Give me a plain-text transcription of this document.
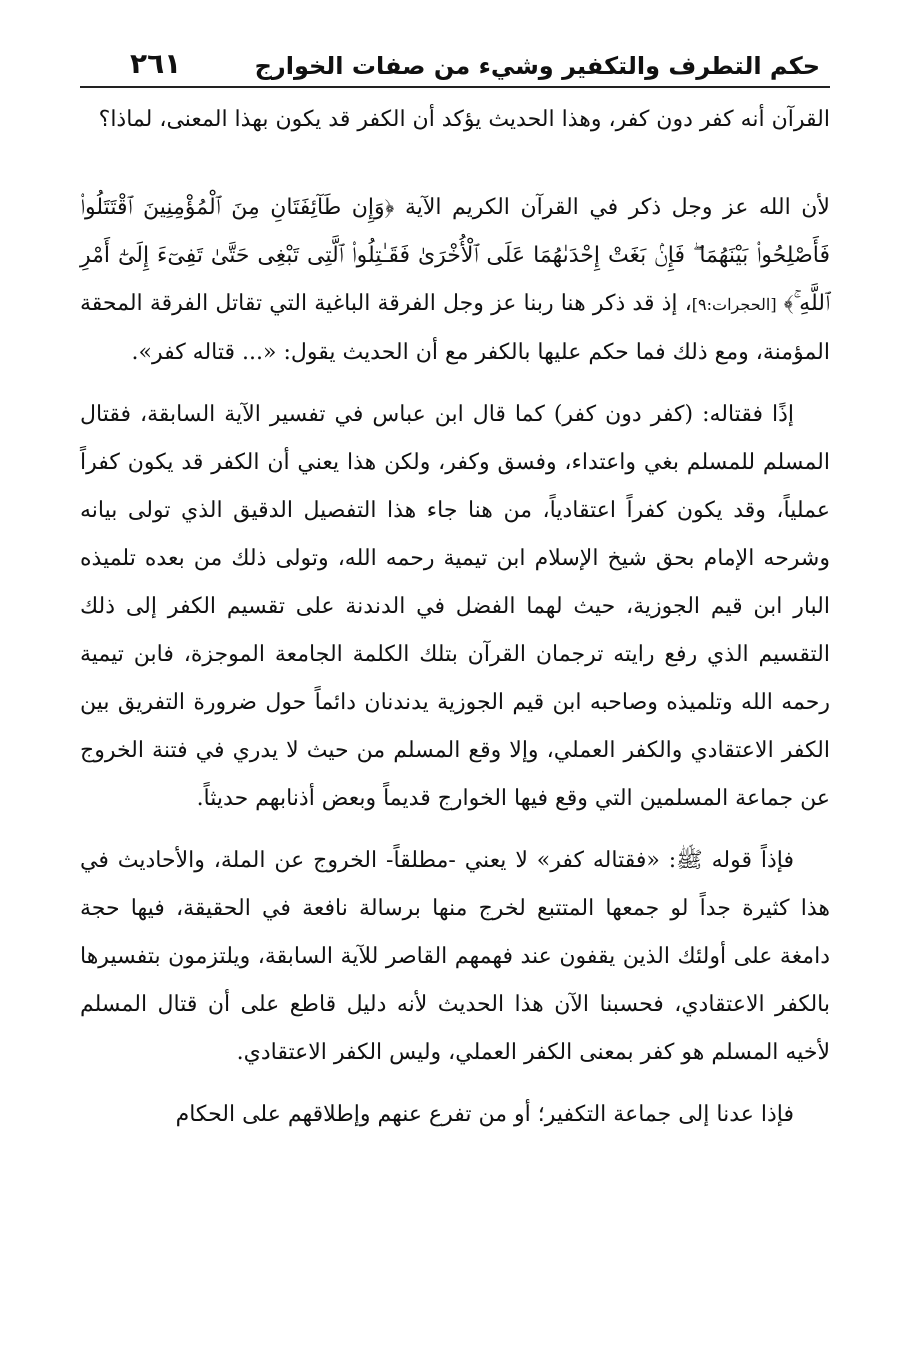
حكم التطرف والتكفير وشيء من صفات الخوارج
٢٦١

القرآن أنه كفر دون كفر، وهذا الحديث يؤكد أن الكفر قد يكون بهذا المعنى، لماذا؟

لأن الله عز وجل ذكر في القرآن الكريم الآية ﴿وَإِن طَآئِفَتَانِ مِنَ ٱلْمُؤْمِنِينَ ٱقْتَتَلُوا۟ فَأَصْلِحُوا۟ بَيْنَهُمَا ۖ فَإِنۢ بَغَتْ إِحْدَىٰهُمَا عَلَى ٱلْأُخْرَىٰ فَقَـٰتِلُوا۟ ٱلَّتِى تَبْغِى حَتَّىٰ تَفِىٓءَ إِلَىٰٓ أَمْرِ ٱللَّهِ ۚ﴾ [الحجرات:٩]، إذ قد ذكر هنا ربنا عز وجل الفرقة الباغية التي تقاتل الفرقة المحقة المؤمنة، ومع ذلك فما حكم عليها بالكفر مع أن الحديث يقول: «... قتاله كفر».

إذًا فقتاله: (كفر دون كفر) كما قال ابن عباس في تفسير الآية السابقة، فقتال المسلم للمسلم بغي واعتداء، وفسق وكفر، ولكن هذا يعني أن الكفر قد يكون كفراً عملياً، وقد يكون كفراً اعتقادياً، من هنا جاء هذا التفصيل الدقيق الذي تولى بيانه وشرحه الإمام بحق شيخ الإسلام ابن تيمية رحمه الله، وتولى ذلك من بعده تلميذه البار ابن قيم الجوزية، حيث لهما الفضل في الدندنة على تقسيم الكفر إلى ذلك التقسيم الذي رفع رايته ترجمان القرآن بتلك الكلمة الجامعة الموجزة، فابن تيمية رحمه الله وتلميذه وصاحبه ابن قيم الجوزية يدندنان دائماً حول ضرورة التفريق بين الكفر الاعتقادي والكفر العملي، وإلا وقع المسلم من حيث لا يدري في فتنة الخروج عن جماعة المسلمين التي وقع فيها الخوارج قديماً وبعض أذنابهم حديثاً.

فإذاً قوله ﷺ: «فقتاله كفر» لا يعني -مطلقاً- الخروج عن الملة، والأحاديث في هذا كثيرة جداً لو جمعها المتتبع لخرج منها برسالة نافعة في الحقيقة، فيها حجة دامغة على أولئك الذين يقفون عند فهمهم القاصر للآية السابقة، ويلتزمون بتفسيرها بالكفر الاعتقادي، فحسبنا الآن هذا الحديث لأنه دليل قاطع على أن قتال المسلم لأخيه المسلم هو كفر بمعنى الكفر العملي، وليس الكفر الاعتقادي.

فإذا عدنا إلى جماعة التكفير؛ أو من تفرع عنهم وإطلاقهم على الحكام
